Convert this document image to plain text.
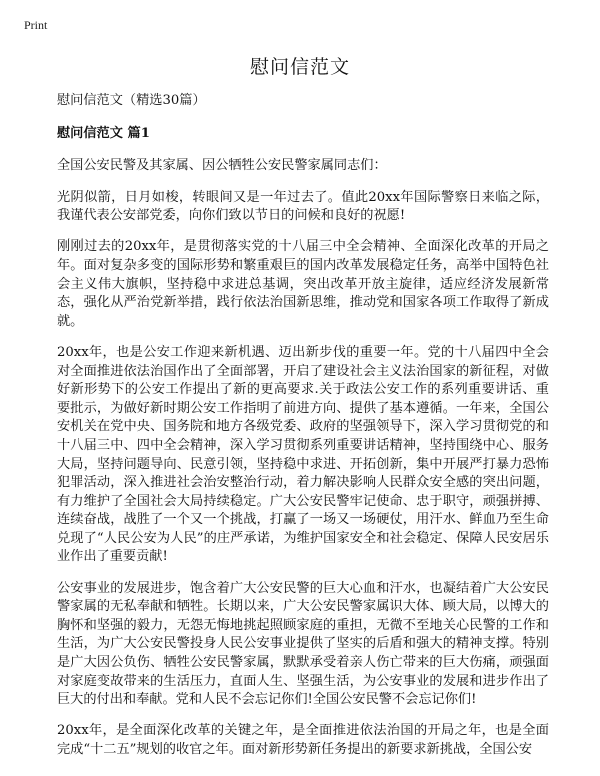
Print
慰问信范文

慰问信范文（精选30篇）

慰问信范文 篇1

全国公安民警及其家属、因公牺牲公安民警家属同志们：

光阴似箭，日月如梭，转眼间又是一年过去了。值此20xx年国际警察日来临之际，我谨代表公安部党委，向你们致以节日的问候和良好的祝愿!

刚刚过去的20xx年，是贯彻落实党的十八届三中全会精神、全面深化改革的开局之年。面对复杂多变的国际形势和繁重艰巨的国内改革发展稳定任务，高举中国特色社会主义伟大旗帜，坚持稳中求进总基调，突出改革开放主旋律，适应经济发展新常态，强化从严治党新举措，践行依法治国新思维，推动党和国家各项工作取得了新成就。

20xx年，也是公安工作迎来新机遇、迈出新步伐的重要一年。党的十八届四中全会对全面推进依法治国作出了全面部署，开启了建设社会主义法治国家的新征程，对做好新形势下的公安工作提出了新的更高要求.关于政法公安工作的系列重要讲话、重要批示，为做好新时期公安工作指明了前进方向、提供了基本遵循。一年来，全国公安机关在党中央、国务院和地方各级党委、政府的坚强领导下，深入学习贯彻党的和十八届三中、四中全会精神，深入学习贯彻系列重要讲话精神，坚持围绕中心、服务大局，坚持问题导向、民意引领，坚持稳中求进、开拓创新，集中开展严打暴力恐怖犯罪活动，深入推进社会治安整治行动，着力解决影响人民群众安全感的突出问题，有力维护了全国社会大局持续稳定。广大公安民警牢记使命、忠于职守，顽强拼搏、连续奋战，战胜了一个又一个挑战，打赢了一场又一场硬仗，用汗水、鲜血乃至生命兑现了“人民公安为人民”的庄严承诺，为维护国家安全和社会稳定、保障人民安居乐业作出了重要贡献!

公安事业的发展进步，饱含着广大公安民警的巨大心血和汗水，也凝结着广大公安民警家属的无私奉献和牺牲。长期以来，广大公安民警家属识大体、顾大局，以博大的胸怀和坚强的毅力，无怨无悔地挑起照顾家庭的重担，无微不至地关心民警的工作和生活，为广大公安民警投身人民公安事业提供了坚实的后盾和强大的精神支撑。特别是广大因公负伤、牺牲公安民警家属，默默承受着亲人伤亡带来的巨大伤痛，顽强面对家庭变故带来的生活压力，直面人生、坚强生活，为公安事业的发展和进步作出了巨大的付出和奉献。党和人民不会忘记你们!全国公安民警不会忘记你们!

20xx年，是全面深化改革的关键之年，是全面推进依法治国的开局之年，也是全面完成“十二五”规划的收官之年。面对新形势新任务提出的新要求新挑战，全国公安
